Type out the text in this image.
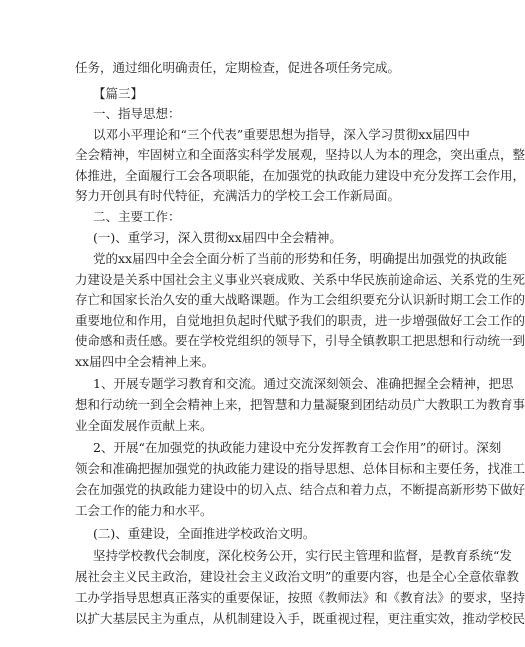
任务，通过细化明确责任，定期检查，促进各项任务完成。
【篇三】
一、指导思想：
以邓小平理论和“三个代表”重要思想为指导，深入学习贯彻xx届四中
全会精神，牢固树立和全面落实科学发展观，坚持以人为本的理念，突出重点，整
体推进，全面履行工会各项职能，在加强党的执政能力建设中充分发挥工会作用，
努力开创具有时代特征，充满活力的学校工会工作新局面。
二、主要工作：
(一)、重学习，深入贯彻xx届四中全会精神。
党的xx届四中全会全面分析了当前的形势和任务，明确提出加强党的执政能
力建设是关系中国社会主义事业兴衰成败、关系中华民族前途命运、关系党的生死
存亡和国家长治久安的重大战略课题。作为工会组织要充分认识新时期工会工作的
重要地位和作用，自觉地担负起时代赋予我们的职责，进一步增强做好工会工作的
使命感和责任感。要在学校党组织的领导下，引导全镇教职工把思想和行动统一到
xx届四中全会精神上来。
1、开展专题学习教育和交流。通过交流深刻领会、准确把握全会精神，把思
想和行动统一到全会精神上来，把智慧和力量凝聚到团结动员广大教职工为教育事
业全面发展作贡献上来。
2、开展“在加强党的执政能力建设中充分发挥教育工会作用”的研讨。深刻
领会和准确把握加强党的执政能力建设的指导思想、总体目标和主要任务，找准工
会在加强党的执政能力建设中的切入点、结合点和着力点，不断提高新形势下做好
工会工作的能力和水平。
(二)、重建设，全面推进学校政治文明。
坚持学校教代会制度，深化校务公开，实行民主管理和监督，是教育系统“发
展社会主义民主政治，建设社会主义政治文明”的重要内容，也是全心全意依靠教
工办学指导思想真正落实的重要保证，按照《教师法》和《教育法》的要求，坚持
以扩大基层民主为重点，从机制建设入手，既重视过程，更注重实效，推动学校民
